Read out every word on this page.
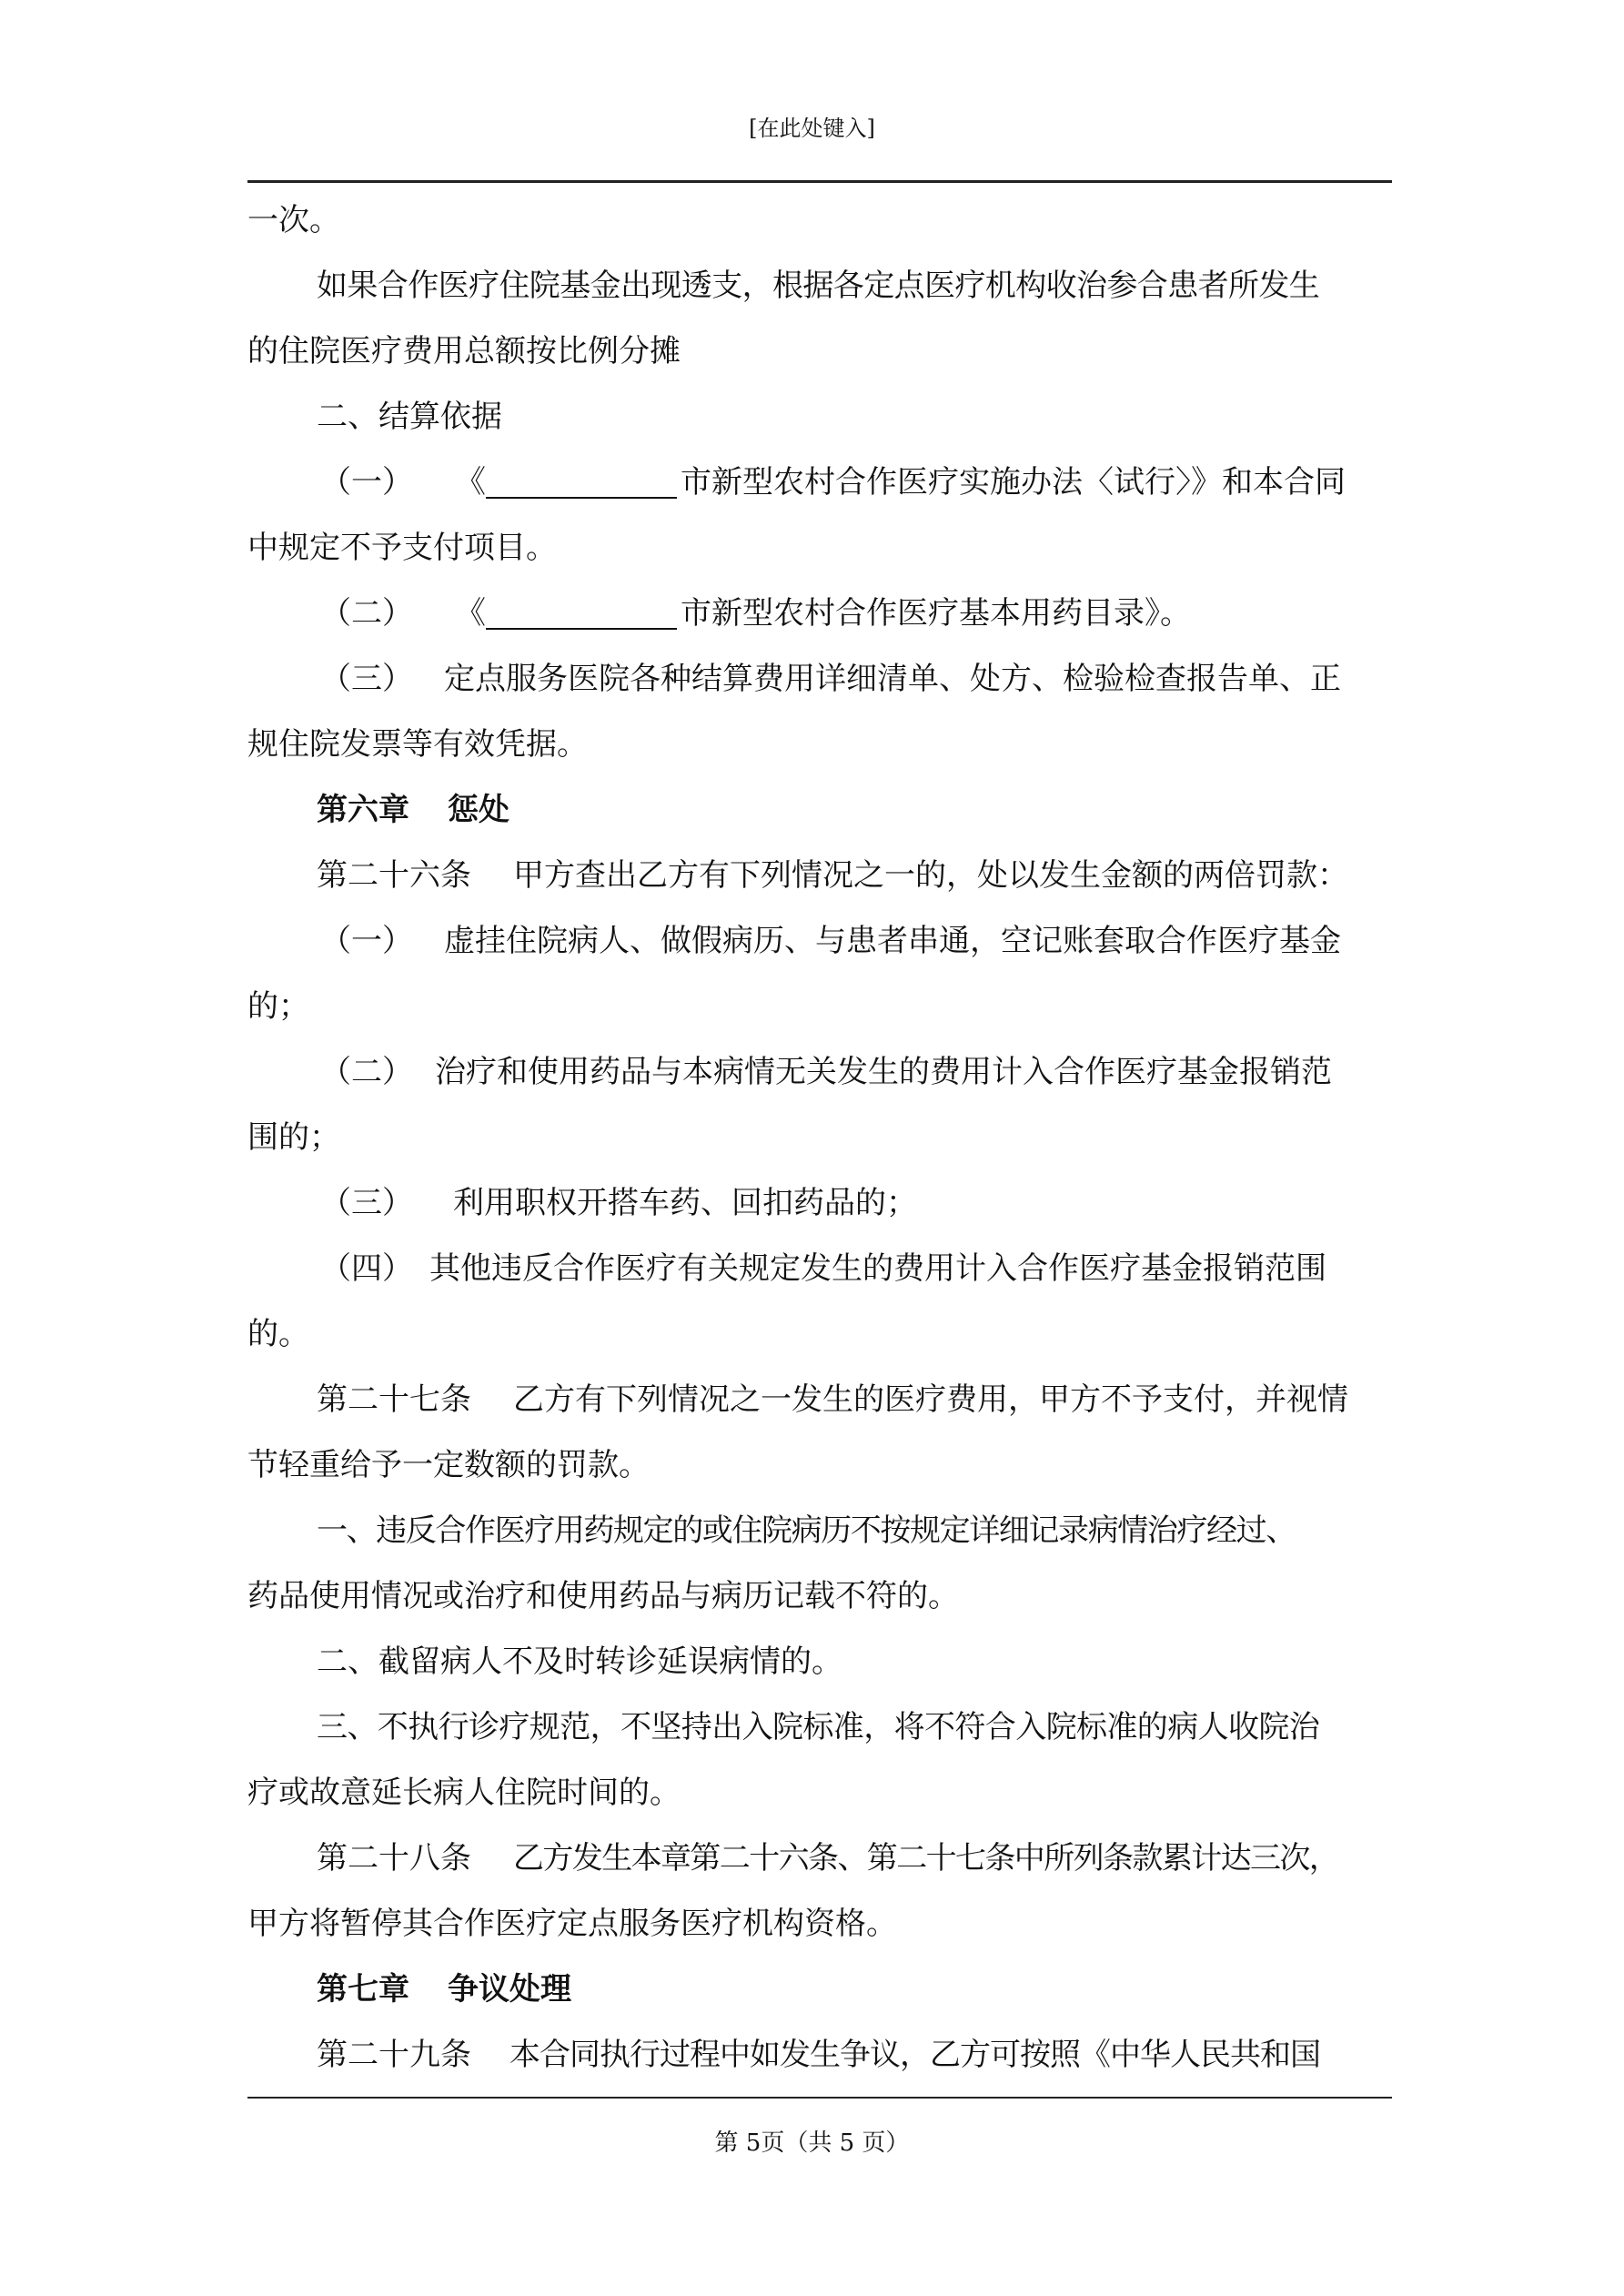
[在此处键入]
一次。
如果合作医疗住院基金出现透支，根据各定点医疗机构收治参合患者所发生
的住院医疗费用总额按比例分摊
二、结算依据
（一） 《	市新型农村合作医疗实施办法〈试行〉》和本合同
中规定不予支付项目。
（二） 《	市新型农村合作医疗基本用药目录》。
（三） 定点服务医院各种结算费用详细清单、处方、检验检查报告单、正
规住院发票等有效凭据。
第六章 惩处
第二十六条 甲方查出乙方有下列情况之一的，处以发生金额的两倍罚款：
（一） 虚挂住院病人、做假病历、与患者串通，空记账套取合作医疗基金
的；
（二） 治疗和使用药品与本病情无关发生的费用计入合作医疗基金报销范
围的；
（三） 利用职权开搭车药、回扣药品的；
（四） 其他违反合作医疗有关规定发生的费用计入合作医疗基金报销范围
的。
第二十七条 乙方有下列情况之一发生的医疗费用，甲方不予支付，并视情
节轻重给予一定数额的罚款。
一、违反合作医疗用药规定的或住院病历不按规定详细记录病情治疗经过、
药品使用情况或治疗和使用药品与病历记载不符的。
二、截留病人不及时转诊延误病情的。
三、不执行诊疗规范，不坚持出入院标准，将不符合入院标准的病人收院治
疗或故意延长病人住院时间的。
第二十八条 乙方发生本章第二十六条、第二十七条中所列条款累计达三次，
甲方将暂停其合作医疗定点服务医疗机构资格。
第七章 争议处理
第二十九条 本合同执行过程中如发生争议，乙方可按照《中华人民共和国
第 5页（共 5 页）
